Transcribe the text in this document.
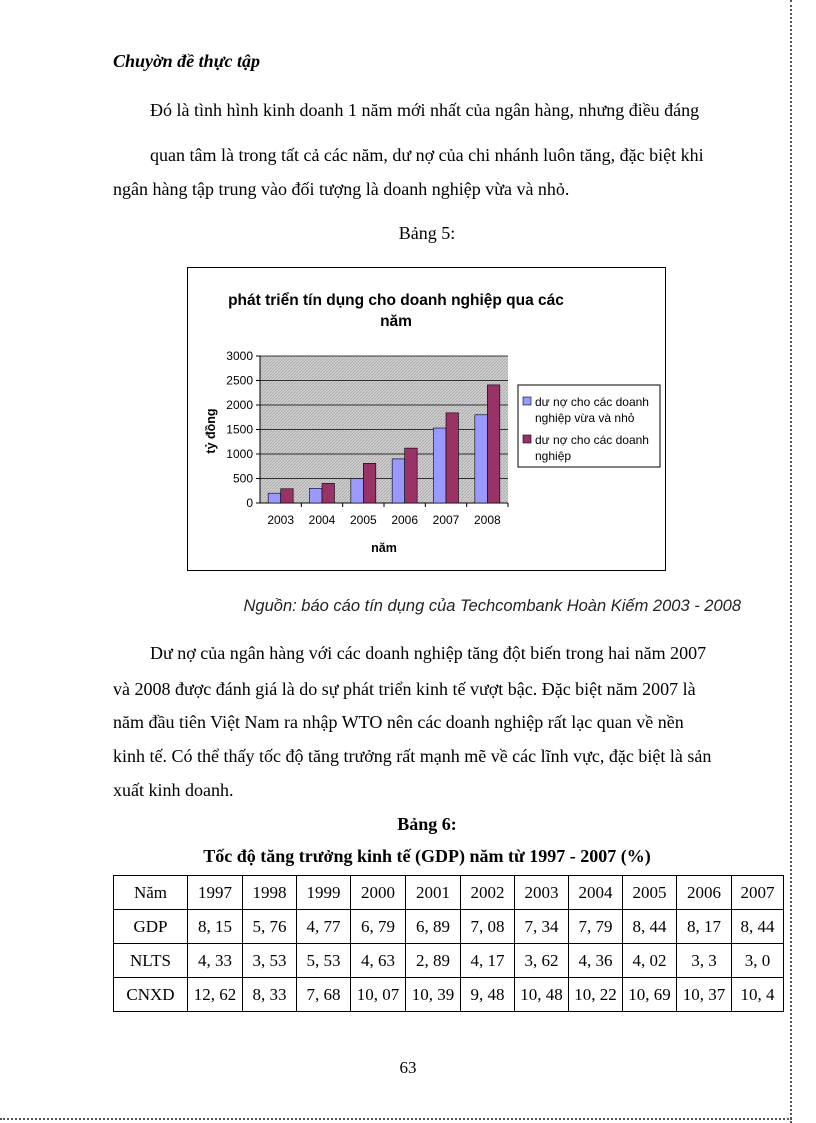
Chuyờn đề thực tập
Đó là tình hình kinh doanh 1 năm mới nhất của ngân hàng, nhưng điều đáng
quan tâm là trong tất cả các năm, dư nợ của chi nhánh luôn tăng, đặc biệt khi
ngân hàng tập trung vào đối tượng là doanh nghiệp vừa và nhỏ.
Bảng 5:
phát triển tín dụng cho doanh nghiệp qua các
năm
tỷ đồng
năm
0
500
1000
1500
2000
2500
3000
2003 2004 2005 2006 2007 2008
dư nợ cho các doanh
nghiệp vừa và nhỏ
dư nợ cho các doanh
nghiệp
Nguồn: báo cáo tín dụng của Techcombank Hoàn Kiếm 2003 - 2008
Dư nợ của ngân hàng với các doanh nghiệp tăng đột biến trong hai năm 2007
và 2008 được đánh giá là do sự phát triển kinh tế vượt bậc. Đặc biệt năm 2007 là
năm đầu tiên Việt Nam ra nhập WTO nên các doanh nghiệp rất lạc quan về nền
kinh tế. Có thể thấy tốc độ tăng trưởng rất mạnh mẽ về các lĩnh vực, đặc biệt là sản
xuất kinh doanh.
Bảng 6:
Tốc độ tăng trưởng kinh tế (GDP) năm từ 1997 - 2007 (%)
Năm	1997	1998	1999	2000	2001	2002	2003	2004	2005	2006	2007
GDP	8, 15	5, 76	4, 77	6, 79	6, 89	7, 08	7, 34	7, 79	8, 44	8, 17	8, 44
NLTS	4, 33	3, 53	5, 53	4, 63	2, 89	4, 17	3, 62	4, 36	4, 02	3, 3	3, 0
CNXD	12, 62	8, 33	7, 68	10, 07	10, 39	9, 48	10, 48	10, 22	10, 69	10, 37	10, 4
63
